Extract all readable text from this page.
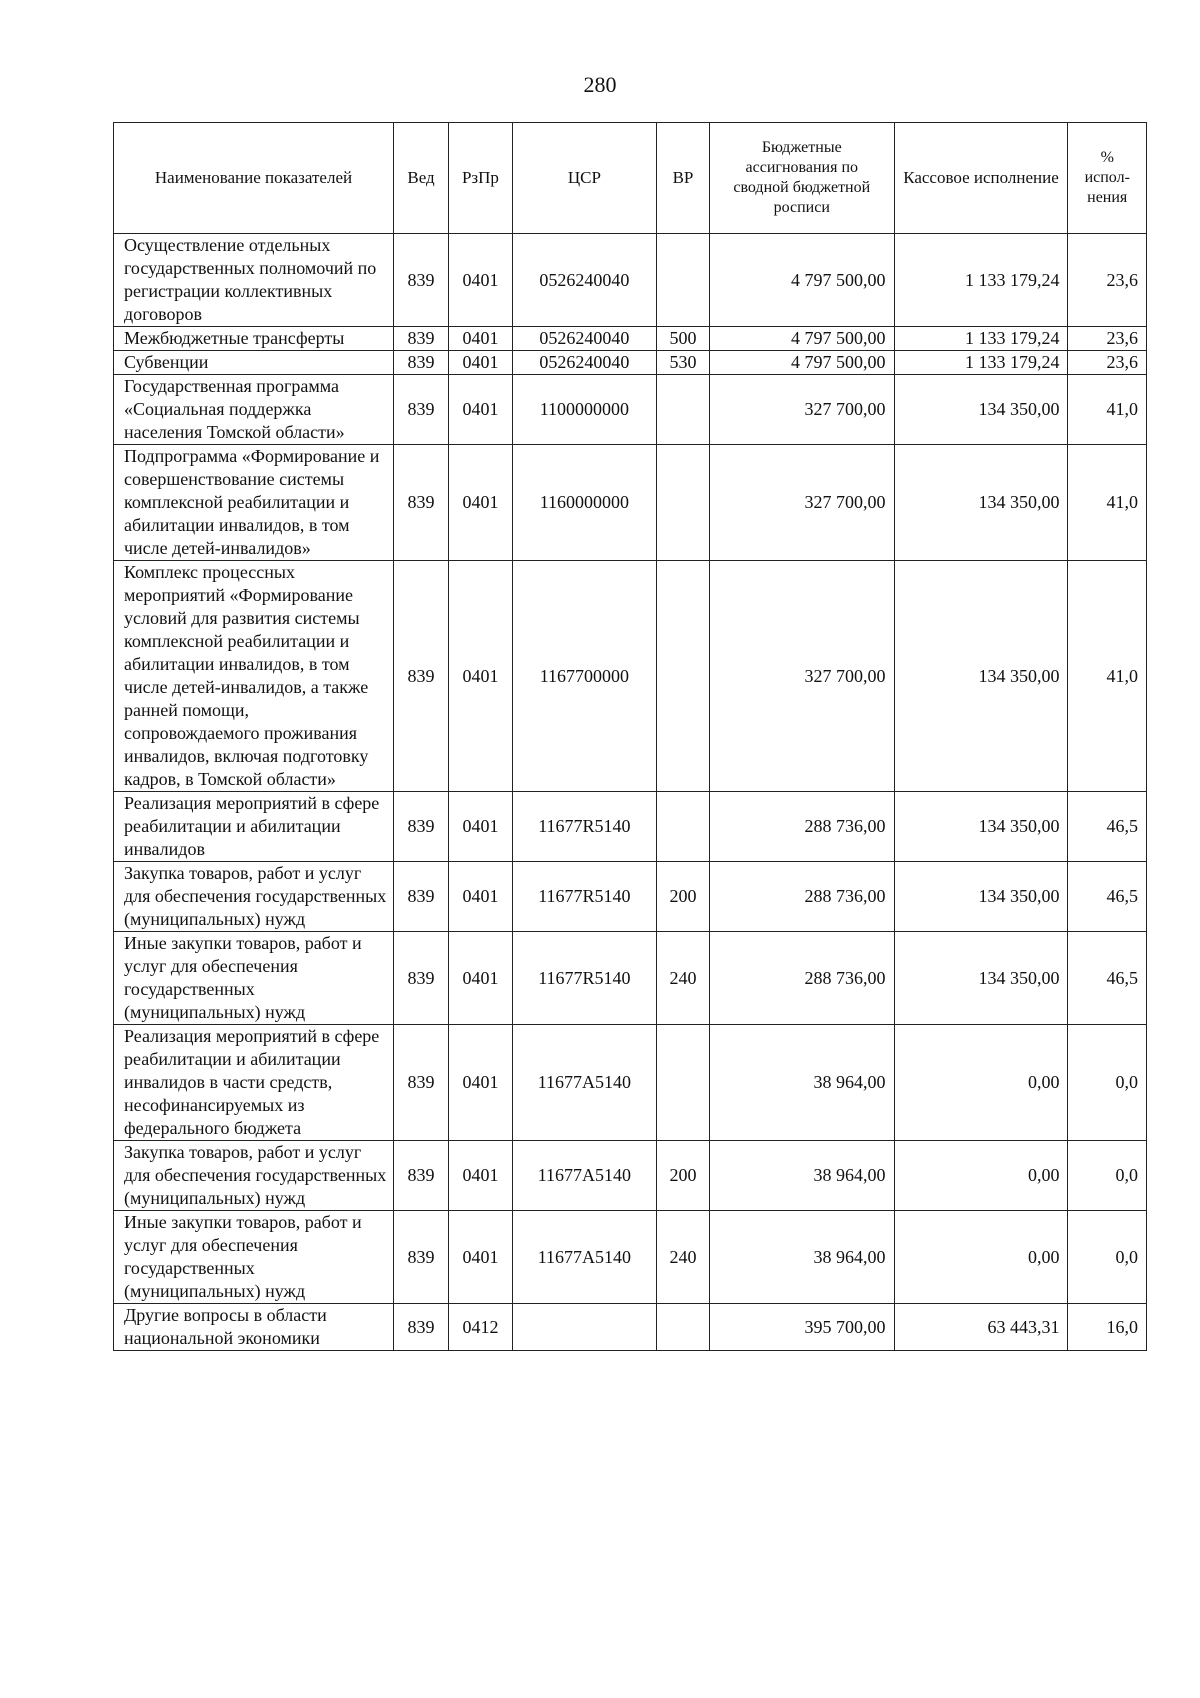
280
Наименование показателей	Вед	РзПр	ЦСР	ВР	Бюджетные ассигнования по сводной бюджетной росписи	Кассовое исполнение	% испол-нения
Осуществление отдельных государственных полномочий по регистрации коллективных договоров	839	0401	0526240040		4 797 500,00	1 133 179,24	23,6
Межбюджетные трансферты	839	0401	0526240040	500	4 797 500,00	1 133 179,24	23,6
Субвенции	839	0401	0526240040	530	4 797 500,00	1 133 179,24	23,6
Государственная программа «Социальная поддержка населения Томской области»	839	0401	1100000000		327 700,00	134 350,00	41,0
Подпрограмма «Формирование и совершенствование системы комплексной реабилитации и абилитации инвалидов, в том числе детей-инвалидов»	839	0401	1160000000		327 700,00	134 350,00	41,0
Комплекс процессных мероприятий «Формирование условий для развития системы комплексной реабилитации и абилитации инвалидов, в том числе детей-инвалидов, а также ранней помощи, сопровождаемого проживания инвалидов, включая подготовку кадров, в Томской области»	839	0401	1167700000		327 700,00	134 350,00	41,0
Реализация мероприятий в сфере реабилитации и абилитации инвалидов	839	0401	11677R5140		288 736,00	134 350,00	46,5
Закупка товаров, работ и услуг для обеспечения государственных (муниципальных) нужд	839	0401	11677R5140	200	288 736,00	134 350,00	46,5
Иные закупки товаров, работ и услуг для обеспечения государственных (муниципальных) нужд	839	0401	11677R5140	240	288 736,00	134 350,00	46,5
Реализация мероприятий в сфере реабилитации и абилитации инвалидов в части средств, несофинансируемых из федерального бюджета	839	0401	11677A5140		38 964,00	0,00	0,0
Закупка товаров, работ и услуг для обеспечения государственных (муниципальных) нужд	839	0401	11677A5140	200	38 964,00	0,00	0,0
Иные закупки товаров, работ и услуг для обеспечения государственных (муниципальных) нужд	839	0401	11677A5140	240	38 964,00	0,00	0,0
Другие вопросы в области национальной экономики	839	0412			395 700,00	63 443,31	16,0
